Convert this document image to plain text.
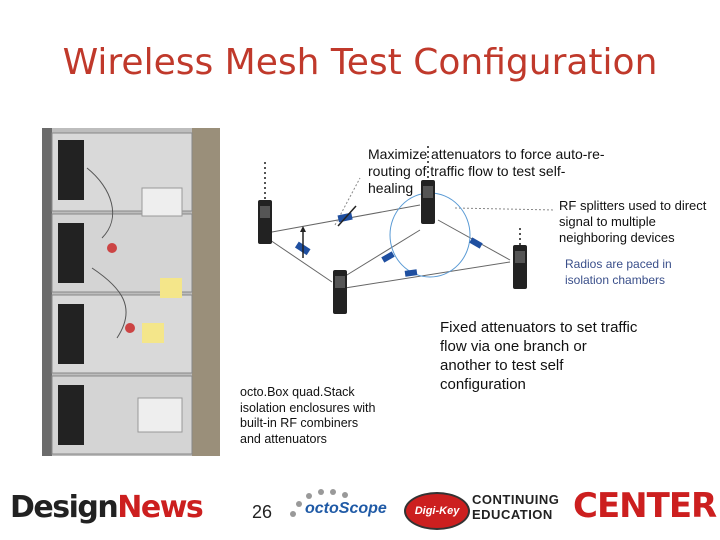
Wireless Mesh Test Configuration
Maximize attenuators to force auto-re-routing of traffic flow to test self-healing
RF splitters used to direct signal to multiple neighboring devices
Radios are paced in isolation chambers
Fixed attenuators to set traffic flow via one branch or another to test self configuration
octo.Box quad.Stack isolation enclosures with built-in RF combiners and attenuators
26
DesignNews	octoScope	Digi-Key
CONTINUING
EDUCATION CENTER
